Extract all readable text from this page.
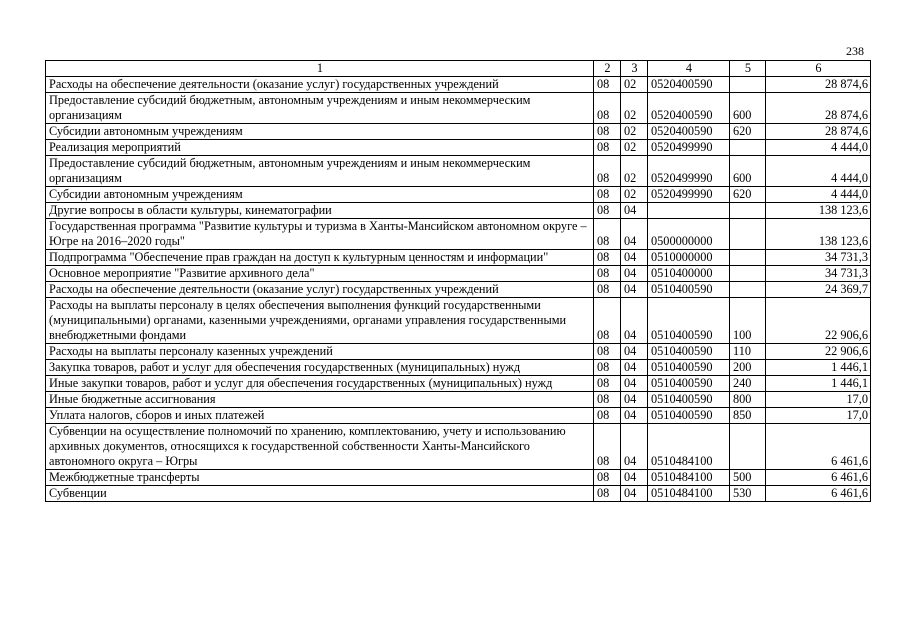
238
1	2	3	4	5	6
Расходы на обеспечение деятельности (оказание услуг) государственных учреждений	08	02	0520400590		28 874,6
Предоставление субсидий бюджетным, автономным учреждениям и иным некоммерческим организациям	08	02	0520400590	600	28 874,6
Субсидии автономным учреждениям	08	02	0520400590	620	28 874,6
Реализация мероприятий	08	02	0520499990		4 444,0
Предоставление субсидий бюджетным, автономным учреждениям и иным некоммерческим организациям	08	02	0520499990	600	4 444,0
Субсидии автономным учреждениям	08	02	0520499990	620	4 444,0
Другие вопросы в области культуры, кинематографии	08	04			138 123,6
Государственная программа "Развитие культуры и туризма в Ханты-Мансийском автономном округе – Югре на 2016–2020 годы"	08	04	0500000000		138 123,6
Подпрограмма "Обеспечение прав граждан на доступ к культурным ценностям и информации"	08	04	0510000000		34 731,3
Основное мероприятие "Развитие архивного дела"	08	04	0510400000		34 731,3
Расходы на обеспечение деятельности (оказание услуг) государственных учреждений	08	04	0510400590		24 369,7
Расходы на выплаты персоналу в целях обеспечения выполнения функций государственными (муниципальными) органами, казенными учреждениями, органами управления государственными внебюджетными фондами	08	04	0510400590	100	22 906,6
Расходы на выплаты персоналу казенных учреждений	08	04	0510400590	110	22 906,6
Закупка товаров, работ и услуг для обеспечения государственных (муниципальных) нужд	08	04	0510400590	200	1 446,1
Иные закупки товаров, работ и услуг для обеспечения государственных (муниципальных) нужд	08	04	0510400590	240	1 446,1
Иные бюджетные ассигнования	08	04	0510400590	800	17,0
Уплата налогов, сборов и иных платежей	08	04	0510400590	850	17,0
Субвенции на осуществление полномочий по хранению, комплектованию, учету и использованию архивных документов, относящихся к государственной собственности Ханты-Мансийского автономного округа – Югры	08	04	0510484100		6 461,6
Межбюджетные трансферты	08	04	0510484100	500	6 461,6
Субвенции	08	04	0510484100	530	6 461,6
